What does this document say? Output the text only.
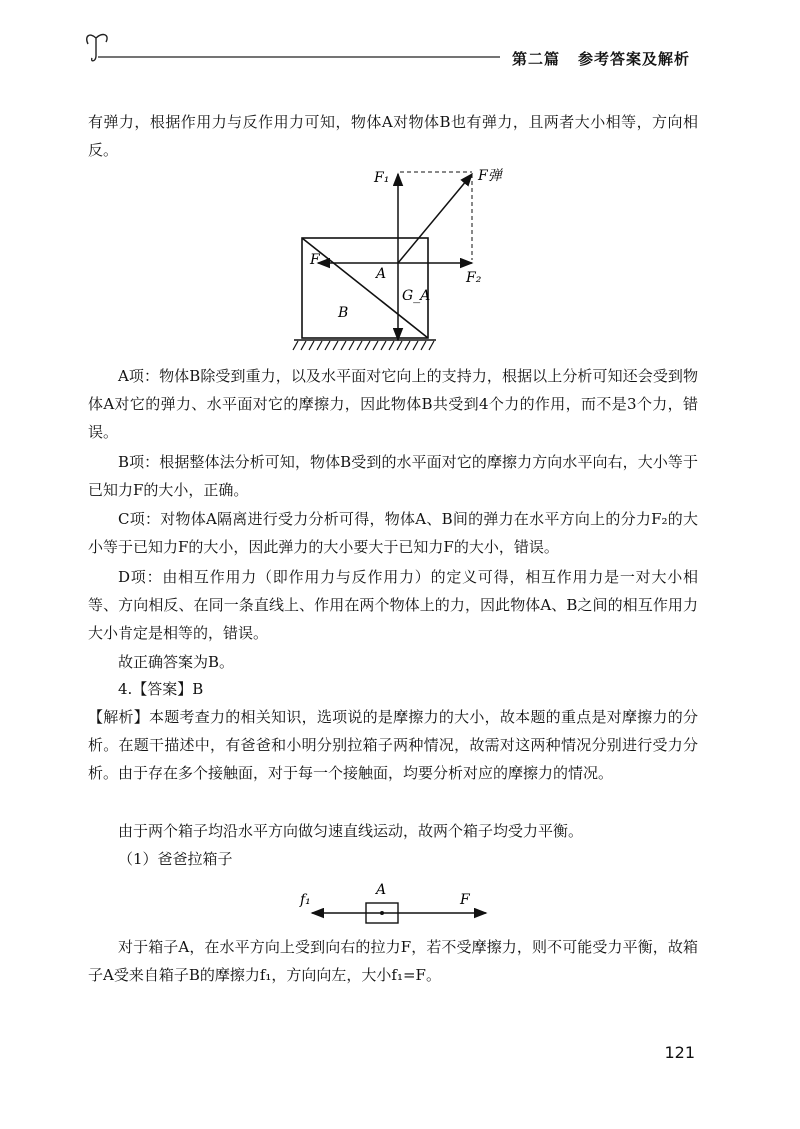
第二篇 参考答案及解析

有弹力，根据作用力与反作用力可知，物体A对物体B也有弹力，且两者大小相等，方向相反。

F₁	F弹
F
A	F₂
G_A
B

A项：物体B除受到重力，以及水平面对它向上的支持力，根据以上分析可知还会受到物体A对它的弹力、水平面对它的摩擦力，因此物体B共受到4个力的作用，而不是3个力，错误。

B项：根据整体法分析可知，物体B受到的水平面对它的摩擦力方向水平向右，大小等于已知力F的大小，正确。

C项：对物体A隔离进行受力分析可得，物体A、B间的弹力在水平方向上的分力F₂的大小等于已知力F的大小，因此弹力的大小要大于已知力F的大小，错误。

D项：由相互作用力（即作用力与反作用力）的定义可得，相互作用力是一对大小相等、方向相反、在同一条直线上、作用在两个物体上的力，因此物体A、B之间的相互作用力大小肯定是相等的，错误。

故正确答案为B。

4.【答案】B

【解析】本题考查力的相关知识，选项说的是摩擦力的大小，故本题的重点是对摩擦力的分析。在题干描述中，有爸爸和小明分别拉箱子两种情况，故需对这两种情况分别进行受力分析。由于存在多个接触面，对于每一个接触面，均要分析对应的摩擦力的情况。

由于两个箱子均沿水平方向做匀速直线运动，故两个箱子均受力平衡。

（1）爸爸拉箱子

A
f₁	F

对于箱子A，在水平方向上受到向右的拉力F，若不受摩擦力，则不可能受力平衡，故箱子A受来自箱子B的摩擦力f₁，方向向左，大小f₁=F。

121
